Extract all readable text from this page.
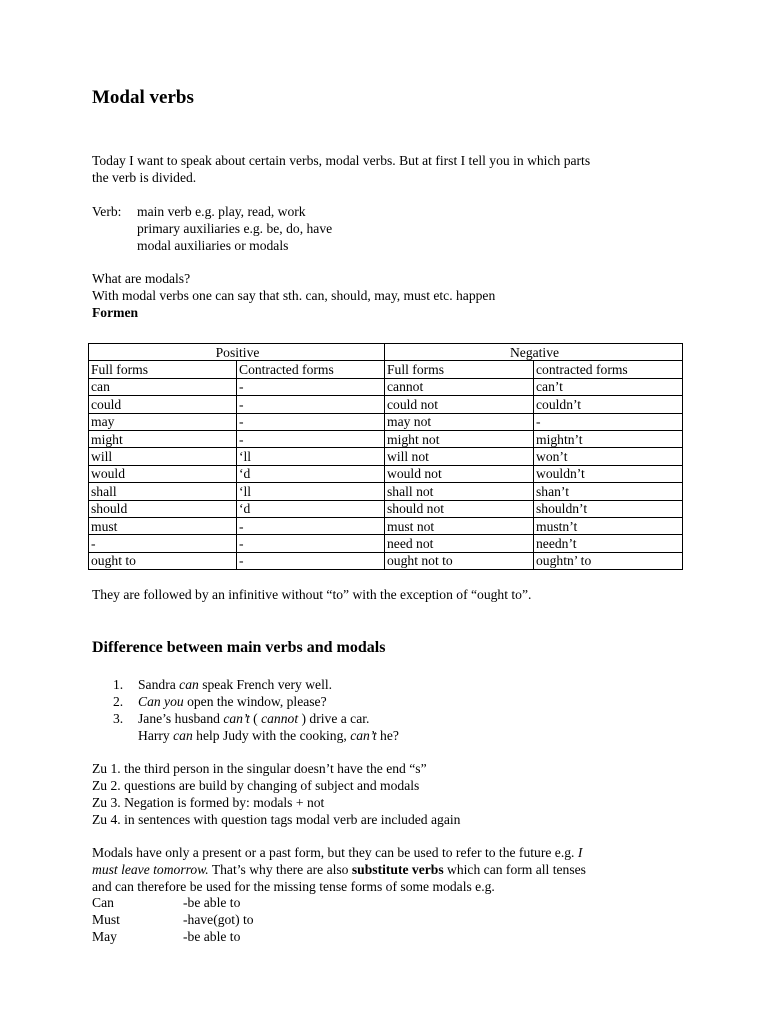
Modal verbs
Today I want to speak about certain verbs, modal verbs. But at first I tell you in which parts
the verb is divided.
Verb: main verb e.g. play, read, work
primary auxiliaries e.g. be, do, have
modal auxiliaries or modals
What are modals?
With modal verbs one can say that sth. can, should, may, must etc. happen
Formen
Positive		Negative	
Full forms	Contracted forms	Full forms	contracted forms
can	-	cannot	can’t
could	-	could not	couldn’t
may	-	may not	-
might	-	might not	mightn’t
will	‘ll	will not	won’t
would	‘d	would not	wouldn’t
shall	‘ll	shall not	shan’t
should	‘d	should not	shouldn’t
must	-	must not	mustn’t
-	-	need not	needn’t
ought to	-	ought not to	oughtn’ to
They are followed by an infinitive without “to” with the exception of “ought to”.
Difference between main verbs and modals
1. Sandra can speak French very well.
2. Can you open the window, please?
3. Jane’s husband can’t ( cannot ) drive a car.
Harry can help Judy with the cooking, can’t he?
Zu 1. the third person in the singular doesn’t have the end “s”
Zu 2. questions are build by changing of subject and modals
Zu 3. Negation is formed by: modals + not
Zu 4. in sentences with question tags modal verb are included again
Modals have only a present or a past form, but they can be used to refer to the future e.g. I
must leave tomorrow. That’s why there are also substitute verbs which can form all tenses
and can therefore be used for the missing tense forms of some modals e.g.
Can	-be able to
Must	-have(got) to
May	-be able to
